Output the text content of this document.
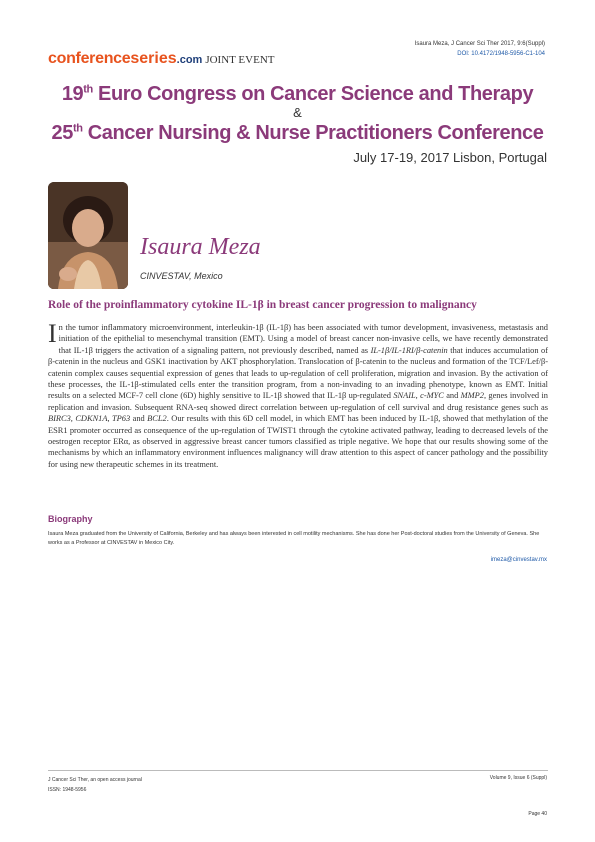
conferenceseries.com JOINT EVENT
Isaura Meza, J Cancer Sci Ther 2017, 9:6(Suppl)
DOI: 10.4172/1948-5956-C1-104
19th Euro Congress on Cancer Science and Therapy
&
25th Cancer Nursing & Nurse Practitioners Conference
July 17-19, 2017 Lisbon, Portugal
Isaura Meza
CINVESTAV, Mexico
Role of the proinflammatory cytokine IL-1β in breast cancer progression to malignancy
In the tumor inflammatory microenvironment, interleukin-1β (IL-1β) has been associated with tumor development, invasiveness, metastasis and initiation of the epithelial to mesenchymal transition (EMT). Using a model of breast cancer non-invasive cells, we have recently demonstrated that IL-1β triggers the activation of a signaling pattern, not previously described, named as IL-1β/IL-1RI/β-catenin that induces accumulation of β-catenin in the nucleus and GSK1 inactivation by AKT phosphorylation. Translocation of β-catenin to the nucleus and formation of the TCF/Lef/β-catenin complex causes sequential expression of genes that leads to up-regulation of cell proliferation, migration and invasion. By the activation of these processes, the IL-1β-stimulated cells enter the transition program, from a non-invading to an invading phenotype, known as EMT. Initial results on a selected MCF-7 cell clone (6D) highly sensitive to IL-1β showed that IL-1β up-regulated SNAIL, c-MYC and MMP2, genes involved in replication and invasion. Subsequent RNA-seq showed direct correlation between up-regulation of cell survival and drug resistance genes such as BIRC3, CDKN1A, TP63 and BCL2. Our results with this 6D cell model, in which EMT has been induced by IL-1β, showed that methylation of the ESR1 promoter occurred as consequence of the up-regulation of TWIST1 through the cytokine activated pathway, leading to decreased levels of the oestrogen receptor ERα, as observed in aggressive breast cancer tumors classified as triple negative. We hope that our results showing some of the mechanisms by which an inflammatory environment influences malignancy will draw attention to this aspect of cancer pathology and the possibility for using new therapeutic schemes in its treatment.
Biography
Isaura Meza graduated from the University of California, Berkeley and has always been interested in cell motility mechanisms. She has done her Post-doctoral studies from the University of Geneva. She works as a Professor at CINVESTAV in Mexico City.
imeza@cinvestav.mx
J Cancer Sci Ther, an open access journal
ISSN: 1948-5956
Volume 9, Issue 6 (Suppl)
Page 40
